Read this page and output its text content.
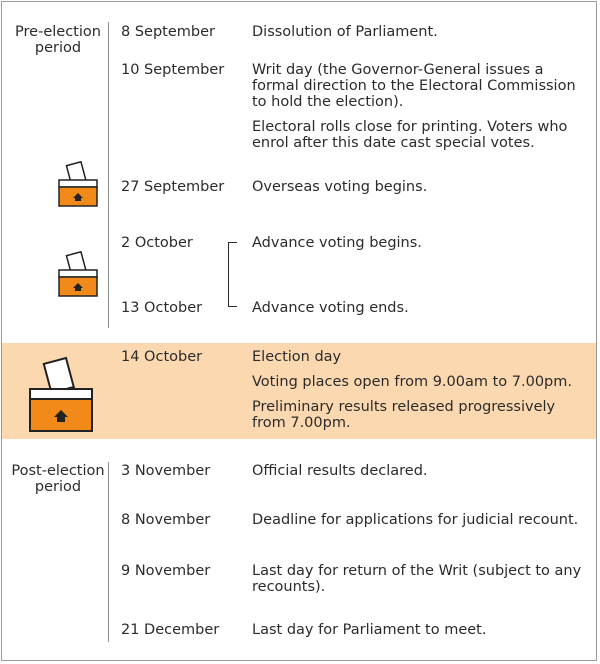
Pre-election period
Post-election period
8 September	Dissolution of Parliament.
10 September Writ day (the Governor-General issues a formal direction to the Electoral Commission to hold the election).
Electoral rolls close for printing. Voters who enrol after this date cast special votes.
27 September Overseas voting begins.
2 October	Advance voting begins.
13 October	Advance voting ends.
14 October	Election day
Voting places open from 9.00am to 7.00pm.
Preliminary results released progressively from 7.00pm.
3 November	Official results declared.
8 November	Deadline for applications for judicial recount.
9 November	Last day for return of the Writ (subject to any recounts).
21 December Last day for Parliament to meet.
